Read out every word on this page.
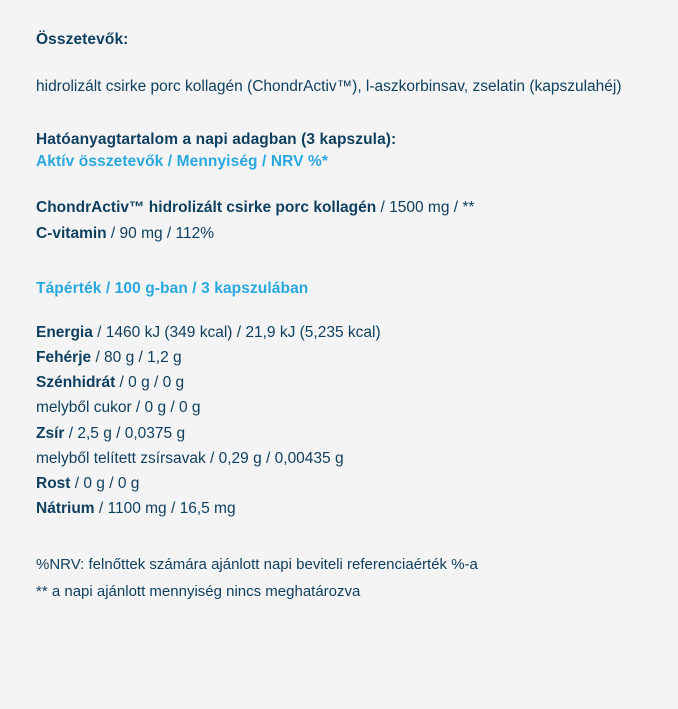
Összetevők:

hidrolizált csirke porc kollagén (ChondrActiv™), l-aszkorbinsav, zselatin (kapszulahéj)

Hatóanyagtartalom a napi adagban (3 kapszula):
Aktív összetevők / Mennyiség / NRV %*
ChondrActiv™ hidrolizált csirke porc kollagén / 1500 mg / **
C-vitamin / 90 mg / 112%
Tápérték / 100 g-ban / 3 kapszulában
Energia / 1460 kJ (349 kcal) / 21,9 kJ (5,235 kcal)
Fehérje / 80 g / 1,2 g
Szénhidrát / 0 g / 0 g
melyből cukor / 0 g / 0 g
Zsír / 2,5 g / 0,0375 g
melyből telített zsírsavak / 0,29 g / 0,00435 g
Rost / 0 g / 0 g
Nátrium / 1100 mg / 16,5 mg
%NRV: felnőttek számára ajánlott napi beviteli referenciaérték %-a
** a napi ajánlott mennyiség nincs meghatározva
